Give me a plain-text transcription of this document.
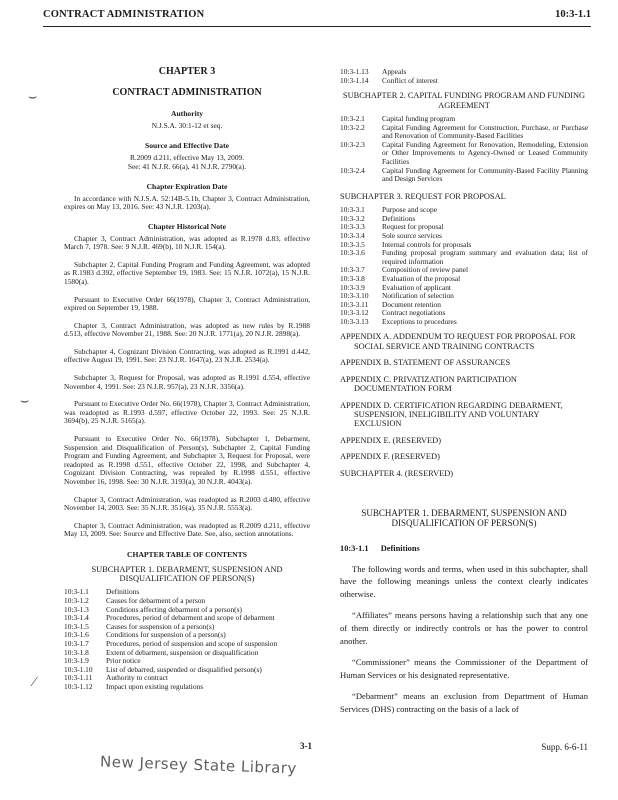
CONTRACT ADMINISTRATION	10:3-1.1
⌣
⌣
⁄
CHAPTER 3
CONTRACT ADMINISTRATION
Authority
N.J.S.A. 30:1-12 et seq.
Source and Effective Date
R.2009 d.211, effective May 13, 2009.
See: 41 N.J.R. 66(a), 41 N.J.R. 2790(a).
Chapter Expiration Date

In accordance with N.J.S.A. 52:14B-5.1b, Chapter 3, Contract Administration, expires on May 13, 2016. See: 43 N.J.R. 1203(a).

Chapter Historical Note

Chapter 3, Contract Administration, was adopted as R.1978 d.83, effective March 7, 1978. See: 9 N.J.R. 469(b), 10 N.J.R. 154(a).

Subchapter 2, Capital Funding Program and Funding Agreement, was adopted as R.1983 d.392, effective September 19, 1983. See: 15 N.J.R. 1072(a), 15 N.J.R. 1580(a).

Pursuant to Executive Order 66(1978), Chapter 3, Contract Administration, expired on September 19, 1988.

Chapter 3, Contract Administration, was adopted as new rules by R.1988 d.513, effective November 21, 1988. See: 20 N.J.R. 1771(a), 20 N.J.R. 2898(a).

Subchapter 4, Cognizant Division Contracting, was adopted as R.1991 d.442, effective August 19, 1991. See: 23 N.J.R. 1647(a), 23 N.J.R. 2534(a).

Subchapter 3, Request for Proposal, was adopted as R.1991 d.554, effective November 4, 1991. See: 23 N.J.R. 957(a), 23 N.J.R. 3356(a).

Pursuant to Executive Order No. 66(1978), Chapter 3, Contract Administration, was readopted as R.1993 d.597, effective October 22, 1993. See: 25 N.J.R. 3694(b), 25 N.J.R. 5165(a).

Pursuant to Executive Order No. 66(1978), Subchapter 1, Debarment, Suspension and Disqualification of Person(s), Subchapter 2, Capital Funding Program and Funding Agreement, and Subchapter 3, Request for Proposal, were readopted as R.1998 d.551, effective October 22, 1998, and Subchapter 4, Cognizant Division Contracting, was repealed by R.1998 d.551, effective November 16, 1998. See: 30 N.J.R. 3193(a), 30 N.J.R. 4043(a).

Chapter 3, Contract Administration, was readopted as R.2003 d.480, effective November 14, 2003. See: 35 N.J.R. 3516(a), 35 N.J.R. 5553(a).

Chapter 3, Contract Administration, was readopted as R.2009 d.211, effective May 13, 2009. See: Source and Effective Date. See, also, section annotations.

CHAPTER TABLE OF CONTENTS
SUBCHAPTER 1. DEBARMENT, SUSPENSION AND DISQUALIFICATION OF PERSON(S)
10:3-1.1	Definitions
10:3-1.2	Causes for debarment of a person
10:3-1.3	Conditions affecting debarment of a person(s)
10:3-1.4	Procedures, period of debarment and scope of debarment
10:3-1.5	Causes for suspension of a person(s)
10:3-1.6	Conditions for suspension of a person(s)
10:3-1.7	Procedures, period of suspension and scope of suspension
10:3-1.8	Extent of debarment, suspension or disqualification
10:3-1.9	Prior notice
10:3-1.10	List of debarred, suspended or disqualified person(s)
10:3-1.11	Authority to contract
10:3-1.12	Impact upon existing regulations
10:3-1.13	Appeals
10:3-1.14	Conflict of interest
SUBCHAPTER 2. CAPITAL FUNDING PROGRAM AND FUNDING AGREEMENT
10:3-2.1	Capital funding program
10:3-2.2	Capital Funding Agreement for Construction, Purchase, or Purchase and Renovation of Community-Based Facilities
10:3-2.3	Capital Funding Agreement for Renovation, Remodeling, Extension or Other Improvements to Agency-Owned or Leased Community Facilities
10:3-2.4	Capital Funding Agreement for Community-Based Facility Planning and Design Services
SUBCHAPTER 3. REQUEST FOR PROPOSAL
10:3-3.1	Purpose and scope
10:3-3.2	Definitions
10:3-3.3	Request for proposal
10:3-3.4	Sole source services
10:3-3.5	Internal controls for proposals
10:3-3.6	Funding proposal program summary and evaluation data; list of required information
10:3-3.7	Composition of review panel
10:3-3.8	Evaluation of the proposal
10:3-3.9	Evaluation of applicant
10:3-3.10	Notification of selection
10:3-3.11	Document retention
10:3-3.12	Contract negotiations
10:3-3.13	Exceptions to procedures

APPENDIX A. ADDENDUM TO REQUEST FOR PROPOSAL FOR SOCIAL SERVICE AND TRAINING CONTRACTS

APPENDIX B. STATEMENT OF ASSURANCES

APPENDIX C. PRIVATIZATION PARTICIPATION DOCUMENTATION FORM

APPENDIX D. CERTIFICATION REGARDING DEBARMENT, SUSPENSION, INELIGIBILITY AND VOLUNTARY EXCLUSION

APPENDIX E. (RESERVED)

APPENDIX F. (RESERVED)

SUBCHAPTER 4. (RESERVED)
SUBCHAPTER 1. DEBARMENT, SUSPENSION AND DISQUALIFICATION OF PERSON(S)
10:3-1.1 Definitions

The following words and terms, when used in this subchapter, shall have the following meanings unless the context clearly indicates otherwise.

“Affiliates” means persons having a relationship such that any one of them directly or indirectly controls or has the power to control another.

“Commissioner” means the Commissioner of the Department of Human Services or his designated representative.

“Debarment” means an exclusion from Department of Human Services (DHS) contracting on the basis of a lack of

3-1	Supp. 6-6-11
New Jersey State Library
